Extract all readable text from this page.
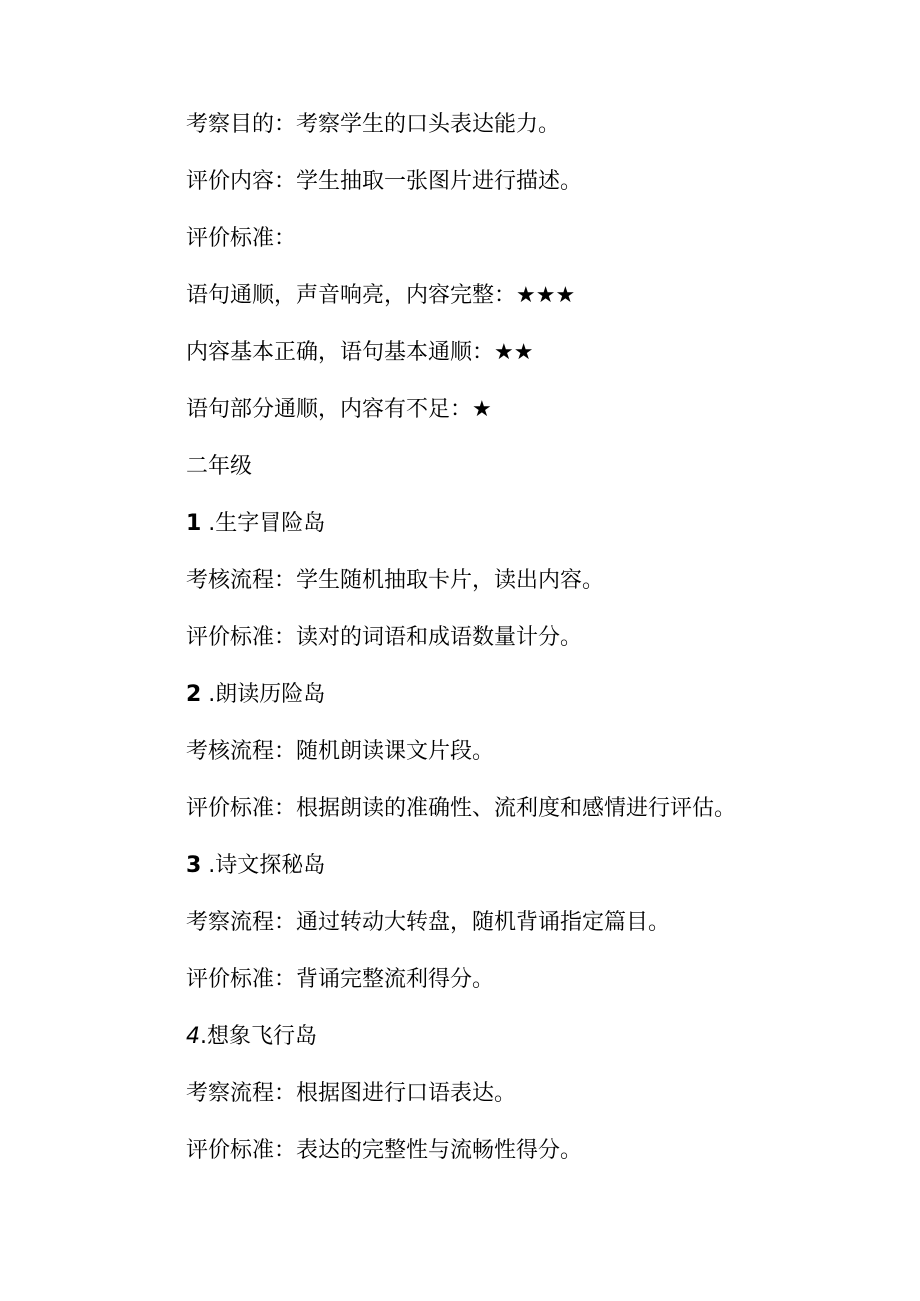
考察目的：考察学生的口头表达能力。
评价内容：学生抽取一张图片进行描述。
评价标准：
语句通顺，声音响亮，内容完整：★★★
内容基本正确，语句基本通顺：★★
语句部分通顺，内容有不足：★
二年级
1 .生字冒险岛
考核流程：学生随机抽取卡片，读出内容。
评价标准：读对的词语和成语数量计分。
2 .朗读历险岛
考核流程：随机朗读课文片段。
评价标准：根据朗读的准确性、流利度和感情进行评估。
3 .诗文探秘岛
考察流程：通过转动大转盘，随机背诵指定篇目。
评价标准：背诵完整流利得分。
4.想象飞行岛
考察流程：根据图进行口语表达。
评价标准：表达的完整性与流畅性得分。
